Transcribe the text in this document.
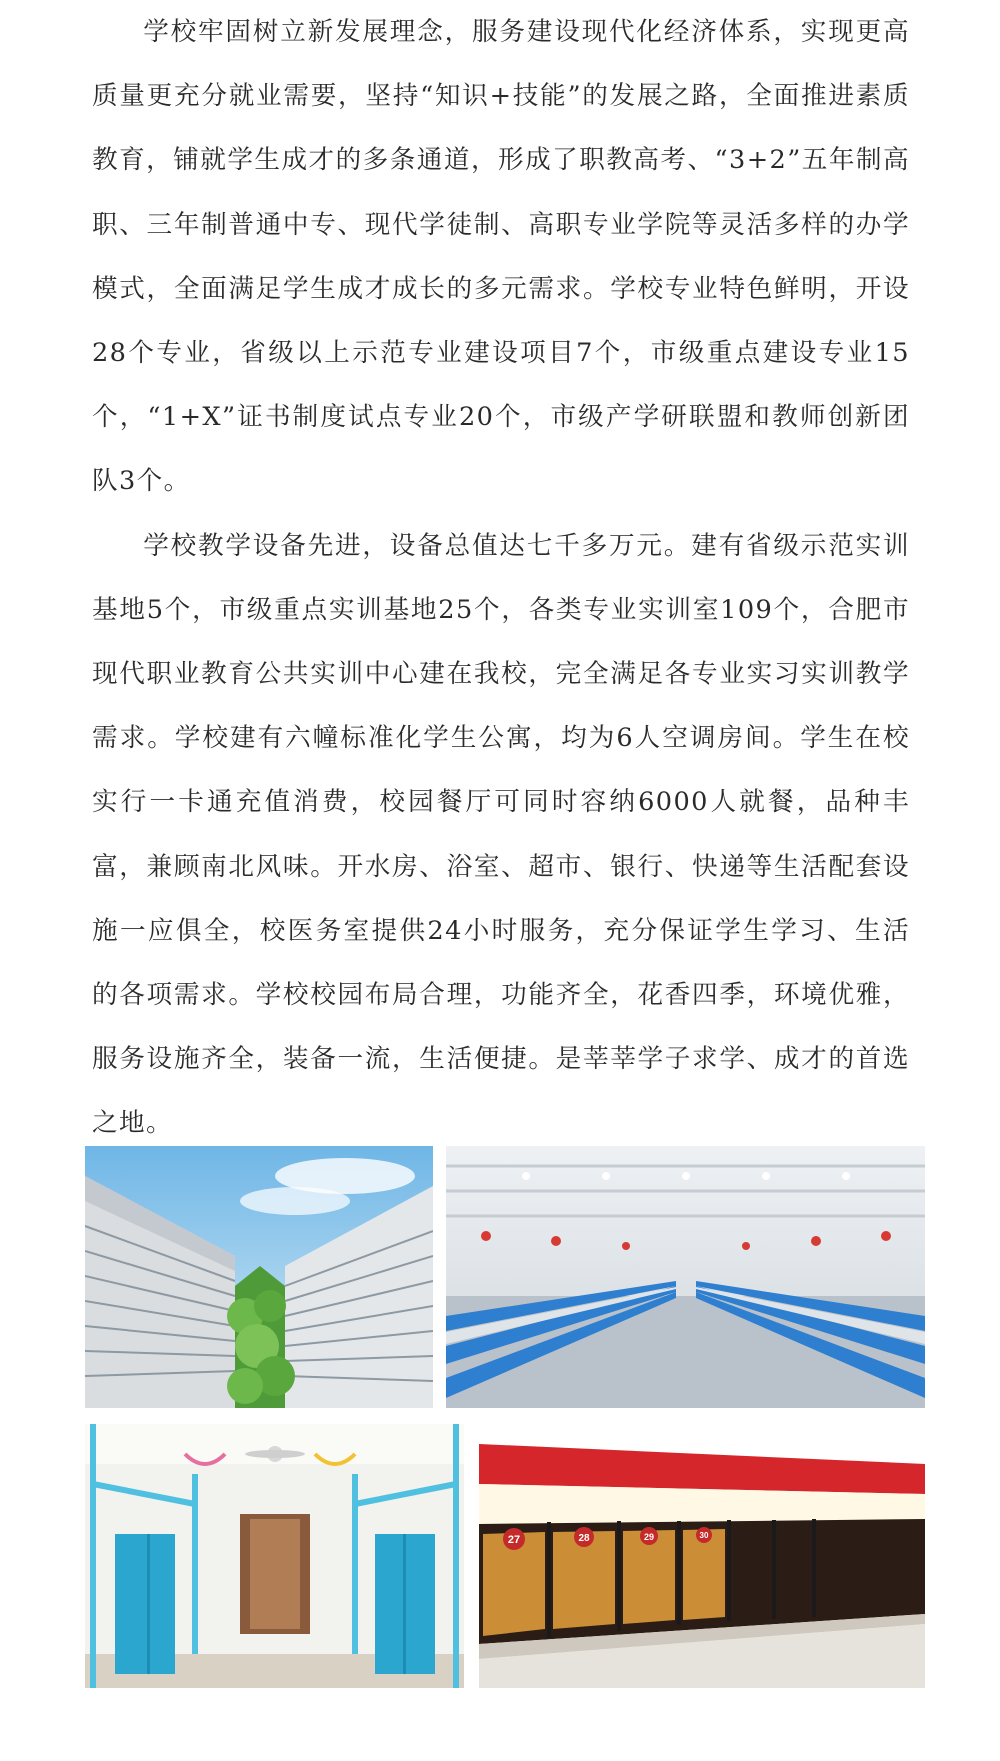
学校牢固树立新发展理念，服务建设现代化经济体系，实现更高质量更充分就业需要，坚持“知识+技能”的发展之路，全面推进素质教育，铺就学生成才的多条通道，形成了职教高考、“3+2”五年制高职、三年制普通中专、现代学徒制、高职专业学院等灵活多样的办学模式，全面满足学生成才成长的多元需求。学校专业特色鲜明，开设28个专业，省级以上示范专业建设项目7个，市级重点建设专业15个，“1+X”证书制度试点专业20个，市级产学研联盟和教师创新团队3个。

学校教学设备先进，设备总值达七千多万元。建有省级示范实训基地5个，市级重点实训基地25个，各类专业实训室109个，合肥市现代职业教育公共实训中心建在我校，完全满足各专业实习实训教学需求。学校建有六幢标准化学生公寓，均为6人空调房间。学生在校实行一卡通充值消费，校园餐厅可同时容纳6000人就餐，品种丰富，兼顾南北风味。开水房、浴室、超市、银行、快递等生活配套设施一应俱全，校医务室提供24小时服务，充分保证学生学习、生活的各项需求。学校校园布局合理，功能齐全，花香四季，环境优雅，服务设施齐全，装备一流，生活便捷。是莘莘学子求学、成才的首选之地。

27	28	29	30
